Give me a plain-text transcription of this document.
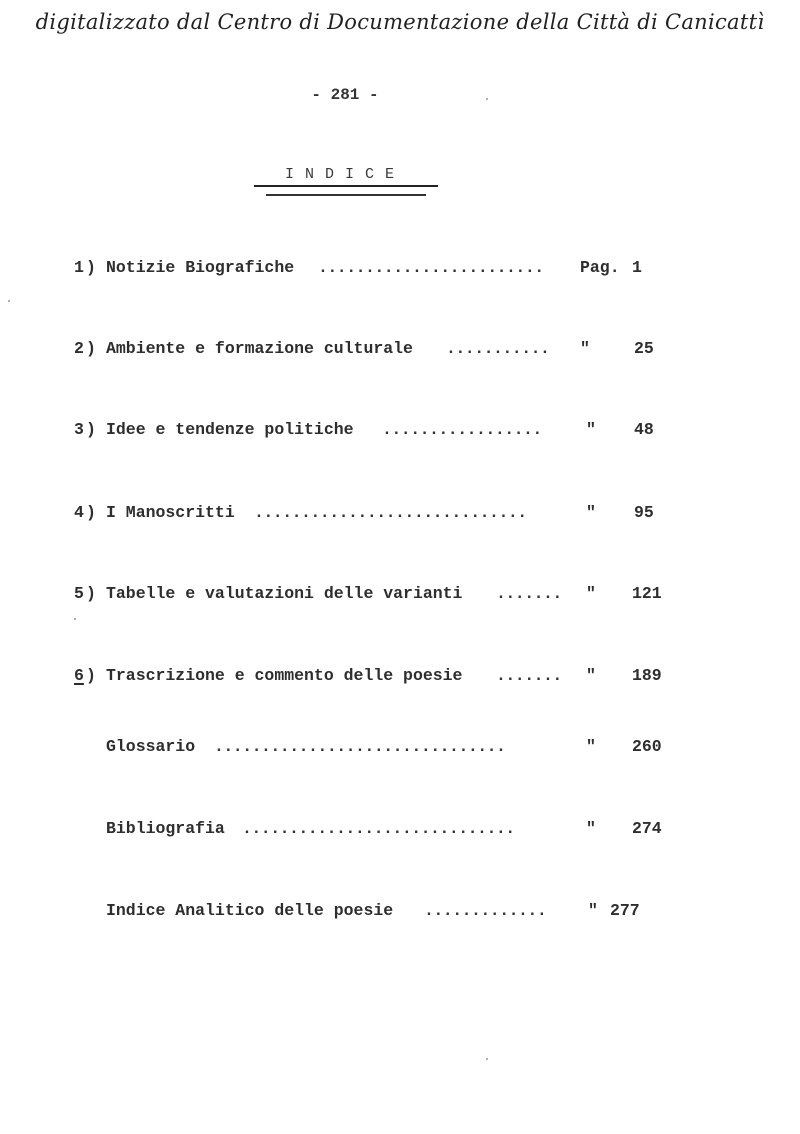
digitalizzato dal Centro di Documentazione della Città di Canicattì
- 281 -
INDICE
1 ) Notizie Biografiche ........................ Pag. 1
2 ) Ambiente e formazione culturale ........... "	25
3 ) Idee e tendenze politiche .................	" 48
4 ) I Manoscritti .............................	" 95
5 ) Tabelle e valutazioni delle varianti ....... " 121
6 ) Trascrizione e commento delle poesie ....... " 189
Glossario ...............................	" 260
Bibliografia .............................	" 274
Indice Analitico delle poesie .............	" 277
